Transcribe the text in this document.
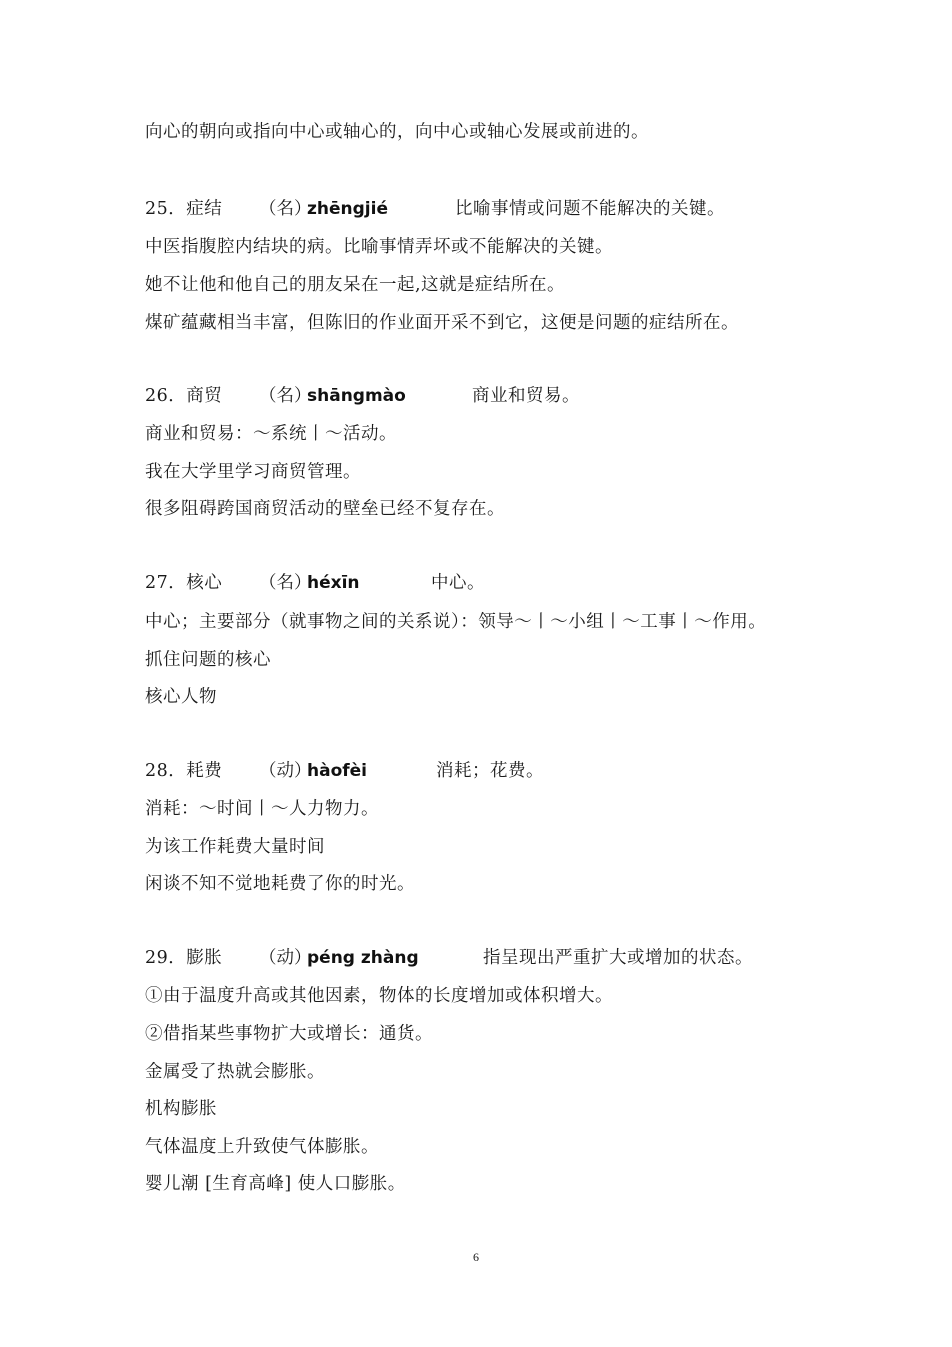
向心的朝向或指向中心或轴心的，向中心或轴心发展或前进的。
25．症结 （名）
zhēngjié	比喻事情或问题不能解决的关键。
中医指腹腔内结块的病。比喻事情弄坏或不能解决的关键。
她不让他和他自己的朋友呆在一起,这就是症结所在。
煤矿蕴藏相当丰富，但陈旧的作业面开采不到它，这便是问题的症结所在。
26．商贸 （名）
shāngmào	商业和贸易。
商业和贸易：～系统丨～活动。
我在大学里学习商贸管理。
很多阻碍跨国商贸活动的壁垒已经不复存在。
27．核心 （名）
héxīn	中心。
中心；主要部分（就事物之间的关系说）：领导～丨～小组丨～工事丨～作用。
抓住问题的核心
核心人物
28．耗费 （动）
hàofèi	消耗；花费。
消耗：～时间丨～人力物力。
为该工作耗费大量时间
闲谈不知不觉地耗费了你的时光。
29．膨胀 （动）
péng zhàng	指呈现出严重扩大或增加的状态。
①由于温度升高或其他因素，物体的长度增加或体积增大。
②借指某些事物扩大或增长：通货。
金属受了热就会膨胀。
机构膨胀
气体温度上升致使气体膨胀。
婴儿潮 [生育高峰] 使人口膨胀。
6
